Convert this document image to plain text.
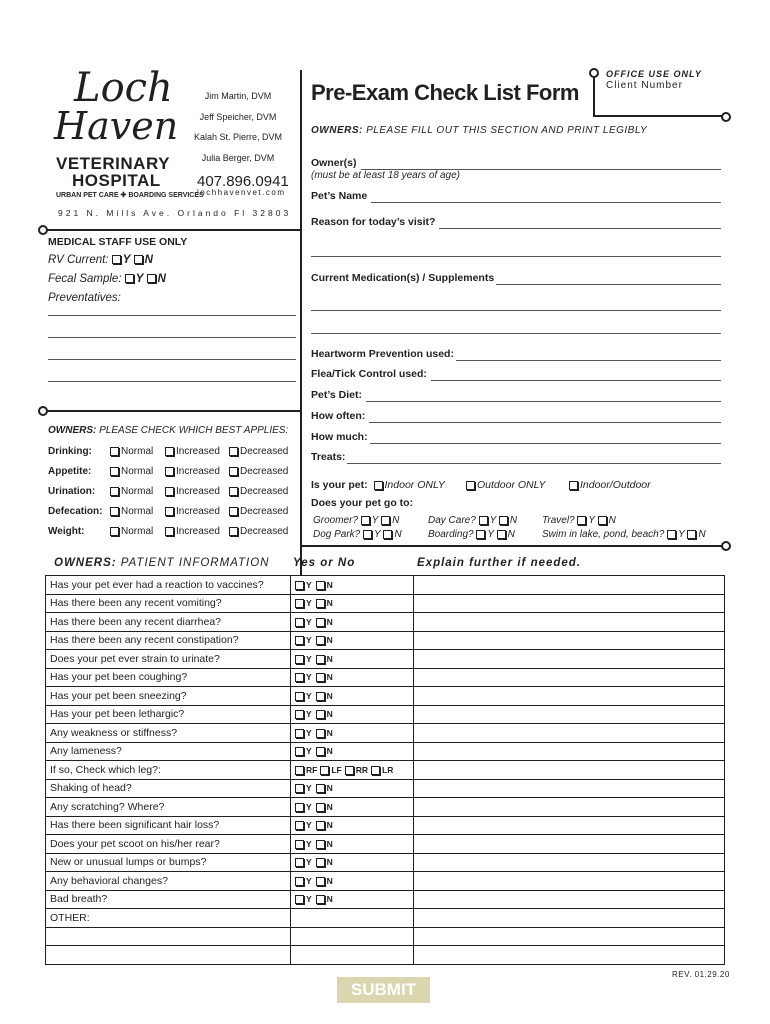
Loch
Haven
VETERINARY
HOSPITAL
URBAN PET CARE ✚ BOARDING SERVICES
Jim Martin, DVM
Jeff Speicher, DVM
Kalah St. Pierre, DVM
Julia Berger, DVM
407.896.0941
lochhavenvet.com
921 N. Mills Ave. Orlando Fl 32803
Pre-Exam Check List Form
OFFICE USE ONLY
Client Number
OWNERS: PLEASE FILL OUT THIS SECTION AND PRINT LEGIBLY
Owner(s)
(must be at least 18 years of age)
Pet’s Name
Reason for today’s visit?
Current Medication(s) / Supplements
Heartworm Prevention used:
Flea/Tick Control used:
Pet’s Diet:
How often:
How much:
Treats:
Is your pet: Indoor ONLY	Outdoor ONLY	Indoor/Outdoor
Does your pet go to:
Groomer? Y N	Day Care? Y N Travel? Y N
Dog Park? Y N	Boarding? Y N	Swim in lake, pond, beach? Y N
MEDICAL STAFF USE ONLY
RV Current: Y N
Fecal Sample: Y N
Preventatives:
OWNERS: PLEASE CHECK WHICH BEST APPLIES:
Drinking:	Normal	Increased	Decreased
Appetite:	Normal	Increased	Decreased
Urination:	Normal	Increased	Decreased
Defecation:	Normal	Increased	Decreased
Weight:	Normal	Increased	Decreased
OWNERS: PATIENT INFORMATION Yes or No	Explain further if needed.
Has your pet ever had a reaction to vaccines?	Y N	
Has there been any recent vomiting?	Y N	
Has there been any recent diarrhea?	Y N	
Has there been any recent constipation?	Y N	
Does your pet ever strain to urinate?	Y N	
Has your pet been coughing?	Y N	
Has your pet been sneezing?	Y N	
Has your pet been lethargic?	Y N	
Any weakness or stiffness?	Y N	
Any lameness?	Y N	
If so, Check which leg?:	RF LF RR LR	
Shaking of head?	Y N	
Any scratching? Where?	Y N	
Has there been significant hair loss?	Y N	
Does your pet scoot on his/her rear?	Y N	
New or unusual lumps or bumps?	Y N	
Any behavioral changes?	Y N	
Bad breath?	Y N	
OTHER:		

REV. 01.29.20
SUBMIT
